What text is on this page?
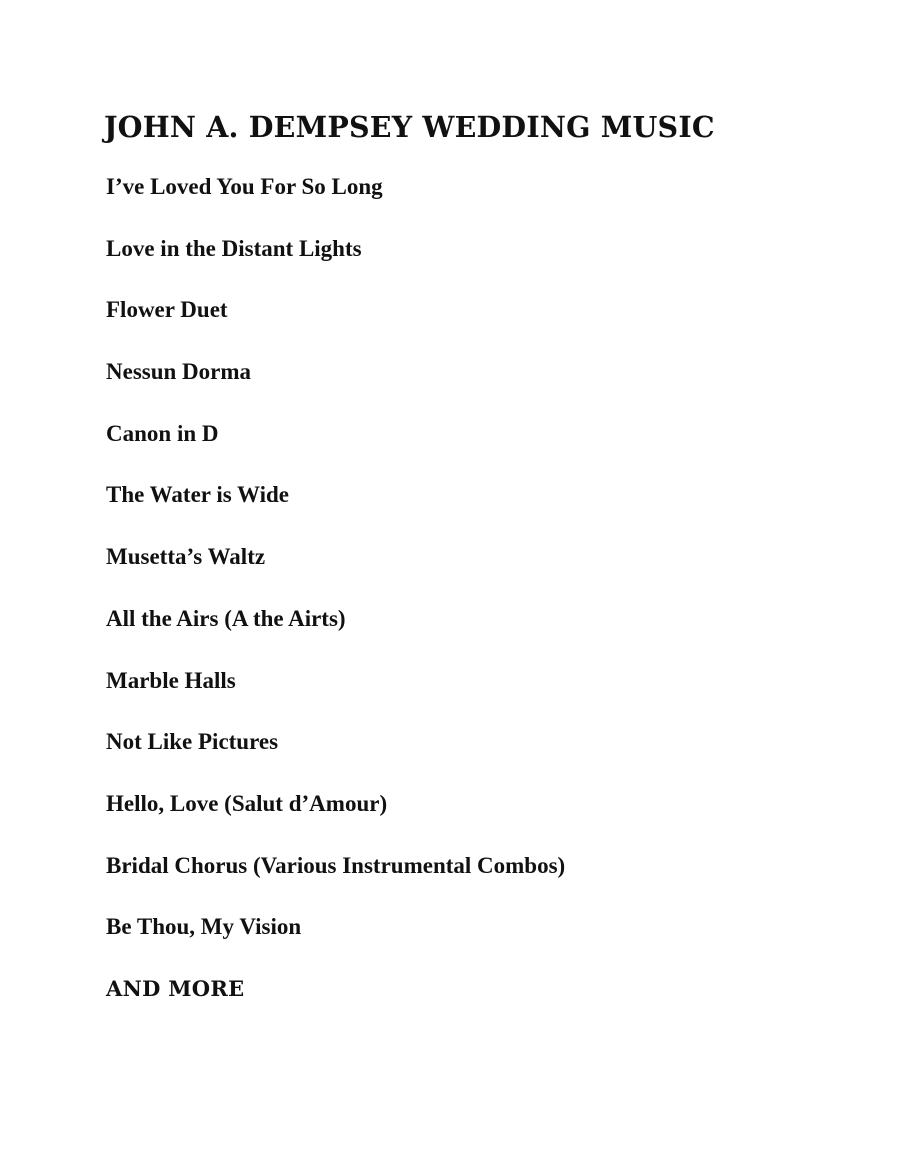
JOHN A. DEMPSEY WEDDING MUSIC
I’ve Loved You For So Long
Love in the Distant Lights
Flower Duet
Nessun Dorma
Canon in D
The Water is Wide
Musetta’s Waltz
All the Airs (A the Airts)
Marble Halls
Not Like Pictures
Hello, Love (Salut d’Amour)
Bridal Chorus (Various Instrumental Combos)
Be Thou, My Vision

AND MORE
